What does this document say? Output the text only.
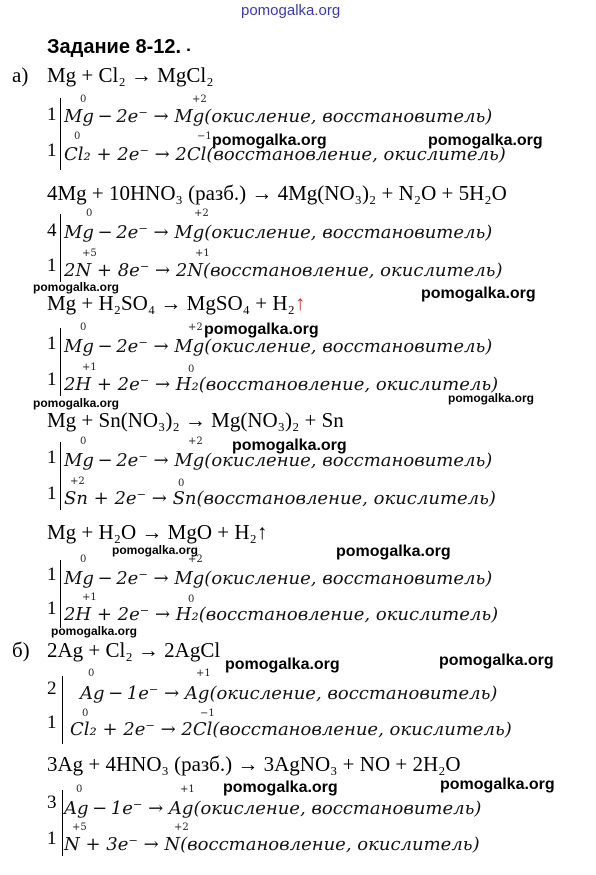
pomogalka.org
Задание 8-12. ▪
а) Mg + Cl₂ → MgCl₂
1
0	+2
Mg − 2e⁻ → Mg(окисление, восстановитель)
1
0	−1
Cl₂ + 2e⁻ → 2Cl(восстановление, окислитель)
4Mg + 10HNO₃ (разб.) → 4Mg(NO₃)₂ + N₂O + 5H₂O
4
0	+2
Mg − 2e⁻ → Mg(окисление, восстановитель)
1
+5	+1
2N + 8e⁻ → 2N(восстановление, окислитель)
Mg + H₂SO₄ → MgSO₄ + H₂↑
1
0	+2
Mg − 2e⁻ → Mg(окисление, восстановитель)
1
+1	0
2H + 2e⁻ → H₂(восстановление, окислитель)
Mg + Sn(NO₃)₂ → Mg(NO₃)₂ + Sn
1
0	+2
Mg − 2e⁻ → Mg(окисление, восстановитель)
1
+2	0
Sn + 2e⁻ → Sn(восстановление, окислитель)
Mg + H₂O → MgO + H₂↑
1
0	+2
Mg − 2e⁻ → Mg(окисление, восстановитель)
1
+1	0
2H + 2e⁻ → H₂(восстановление, окислитель)
б) 2Ag + Cl₂ → 2AgCl
2
0	+1
Ag − 1e⁻ → Ag(окисление, восстановитель)
1	0	−1
Cl₂ + 2e⁻ → 2Cl(восстановление, окислитель)
3Ag + 4HNO₃ (разб.) → 3AgNO₃ + NO + 2H₂O
3
0	+1
Ag − 1e⁻ → Ag(окисление, восстановитель)
1
+5	+2
N + 3e⁻ → N(восстановление, окислитель)
pomogalka.org	pomogalka.org
pomogalka.org	pomogalka.org
pomogalka.org
pomogalka.org	pomogalka.org
pomogalka.org
pomogalka.org	pomogalka.org
pomogalka.org
pomogalka.org	pomogalka.org
pomogalka.org	pomogalka.org
